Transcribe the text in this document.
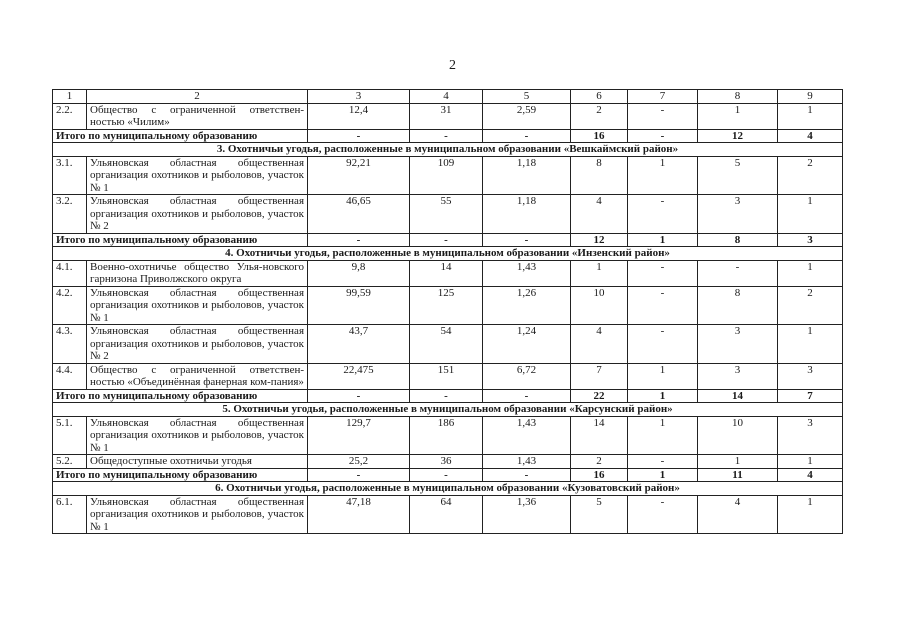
2
1	2	3	4	5	6	7	8	9
2.2.	Общество с ограниченной ответствен-ностью «Чилим»	12,4	31	2,59	2	-	1	1
Итого по муниципальному образованию		-	-	-	16	-	12	4
3. Охотничьи угодья, расположенные в муниципальном образовании «Вешкаймский район»								
3.1.	Ульяновская областная общественная организация охотников и рыболовов, участок № 1	92,21	109	1,18	8	1	5	2
3.2.	Ульяновская областная общественная организация охотников и рыболовов, участок № 2	46,65	55	1,18	4	-	3	1
Итого по муниципальному образованию		-	-	-	12	1	8	3
4. Охотничьи угодья, расположенные в муниципальном образовании «Инзенский район»								
4.1.	Военно-охотничье общество Улья-новского гарнизона Приволжского округа	9,8	14	1,43	1	-	-	1
4.2.	Ульяновская областная общественная организация охотников и рыболовов, участок № 1	99,59	125	1,26	10	-	8	2
4.3.	Ульяновская областная общественная организация охотников и рыболовов, участок № 2	43,7	54	1,24	4	-	3	1
4.4.	Общество с ограниченной ответствен-ностью «Объединённая фанерная ком-пания»	22,475	151	6,72	7	1	3	3
Итого по муниципальному образованию		-	-	-	22	1	14	7
5. Охотничьи угодья, расположенные в муниципальном образовании «Карсунский район»								
5.1.	Ульяновская областная общественная организация охотников и рыболовов, участок № 1	129,7	186	1,43	14	1	10	3
5.2.	Общедоступные охотничьи угодья	25,2	36	1,43	2	-	1	1
Итого по муниципальному образованию		-	-	-	16	1	11	4
6. Охотничьи угодья, расположенные в муниципальном образовании «Кузоватовский район»								
6.1.	Ульяновская областная общественная организация охотников и рыболовов, участок № 1	47,18	64	1,36	5	-	4	1
